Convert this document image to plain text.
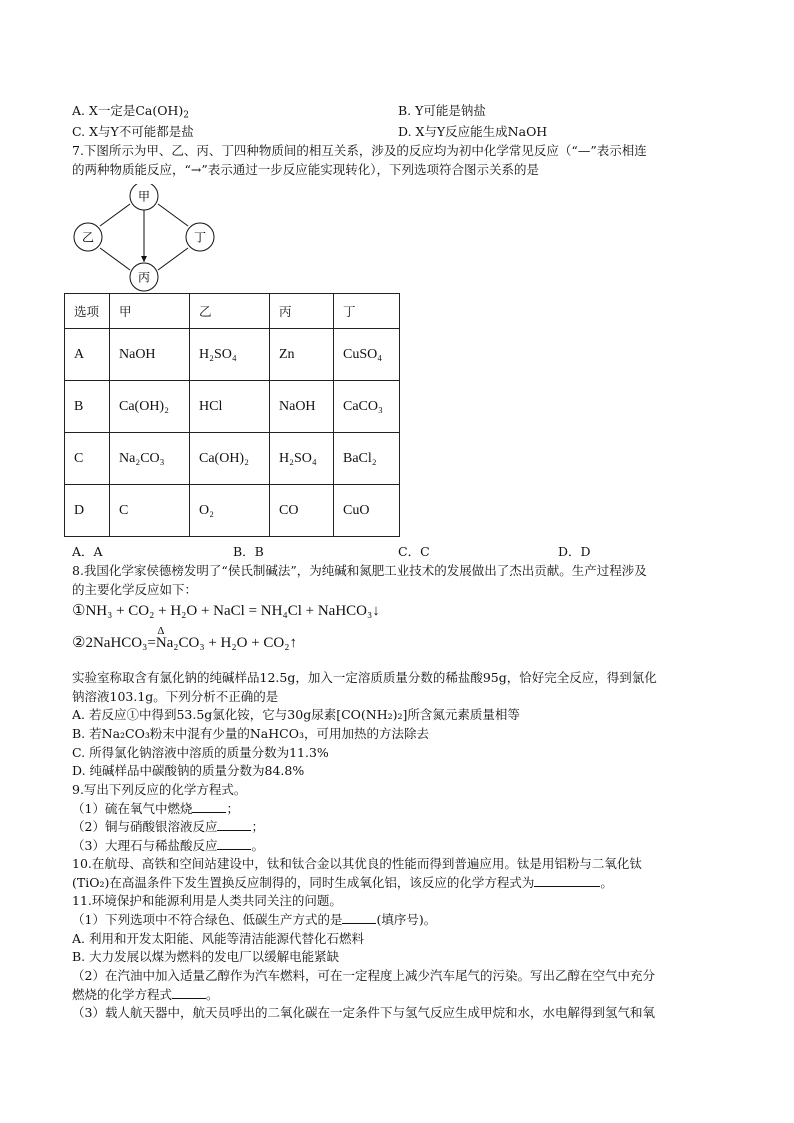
A. X一定是$Ca(OH)_2$	B. Y可能是钠盐
C. X与Y不可能都是盐	D. X与Y反应能生成NaOH
7.下图所示为甲、乙、丙、丁四种物质间的相互关系，涉及的反应均为初中化学常见反应（“—”表示相连
的两种物质能反应，“→”表示通过一步反应能实现转化），下列选项符合图示关系的是
甲
乙	丁
丙
选项	甲	乙	丙	丁
A	NaOH	H₂SO₄	Zn	CuSO₄
B	Ca(OH)₂	HCl	NaOH	CaCO₃
C	Na₂CO₃	Ca(OH)₂	H₂SO₄	BaCl₂
D	C	O₂	CO	CuO
A．A	B．B	C．C	D．D
8.我国化学家侯德榜发明了“侯氏制碱法”，为纯碱和氮肥工业技术的发展做出了杰出贡献。生产过程涉及
的主要化学反应如下：
①NH₃ + CO₂ + H₂O + NaCl = NH₄Cl + NaHCO₃↓
②2NaHCO₃
Δ
=Na₂CO₃ + H₂O + CO₂↑
实验室称取含有氯化钠的纯碱样品12.5g，加入一定溶质质量分数的稀盐酸95g，恰好完全反应，得到氯化
钠溶液103.1g。下列分析不正确的是
A. 若反应①中得到53.5g氯化铵，它与30g尿素[CO(NH₂)₂]所含氮元素质量相等
B. 若Na₂CO₃粉末中混有少量的NaHCO₃，可用加热的方法除去
C. 所得氯化钠溶液中溶质的质量分数为11.3%
D. 纯碱样品中碳酸钠的质量分数为84.8%
9.写出下列反应的化学方程式。
（1）硫在氧气中燃烧	；
（2）铜与硝酸银溶液反应	；
（3）大理石与稀盐酸反应	。
10.在航母、高铁和空间站建设中，钛和钛合金以其优良的性能而得到普遍应用。钛是用铝粉与二氧化钛
(TiO₂)在高温条件下发生置换反应制得的，同时生成氧化铝，该反应的化学方程式为	。
11.环境保护和能源利用是人类共同关注的问题。
（1）下列选项中不符合绿色、低碳生产方式的是	(填序号)。
A. 利用和开发太阳能、风能等清洁能源代替化石燃料
B. 大力发展以煤为燃料的发电厂以缓解电能紧缺
（2）在汽油中加入适量乙醇作为汽车燃料，可在一定程度上减少汽车尾气的污染。写出乙醇在空气中充分
燃烧的化学方程式	。
（3）载人航天器中，航天员呼出的二氧化碳在一定条件下与氢气反应生成甲烷和水，水电解得到氢气和氧
